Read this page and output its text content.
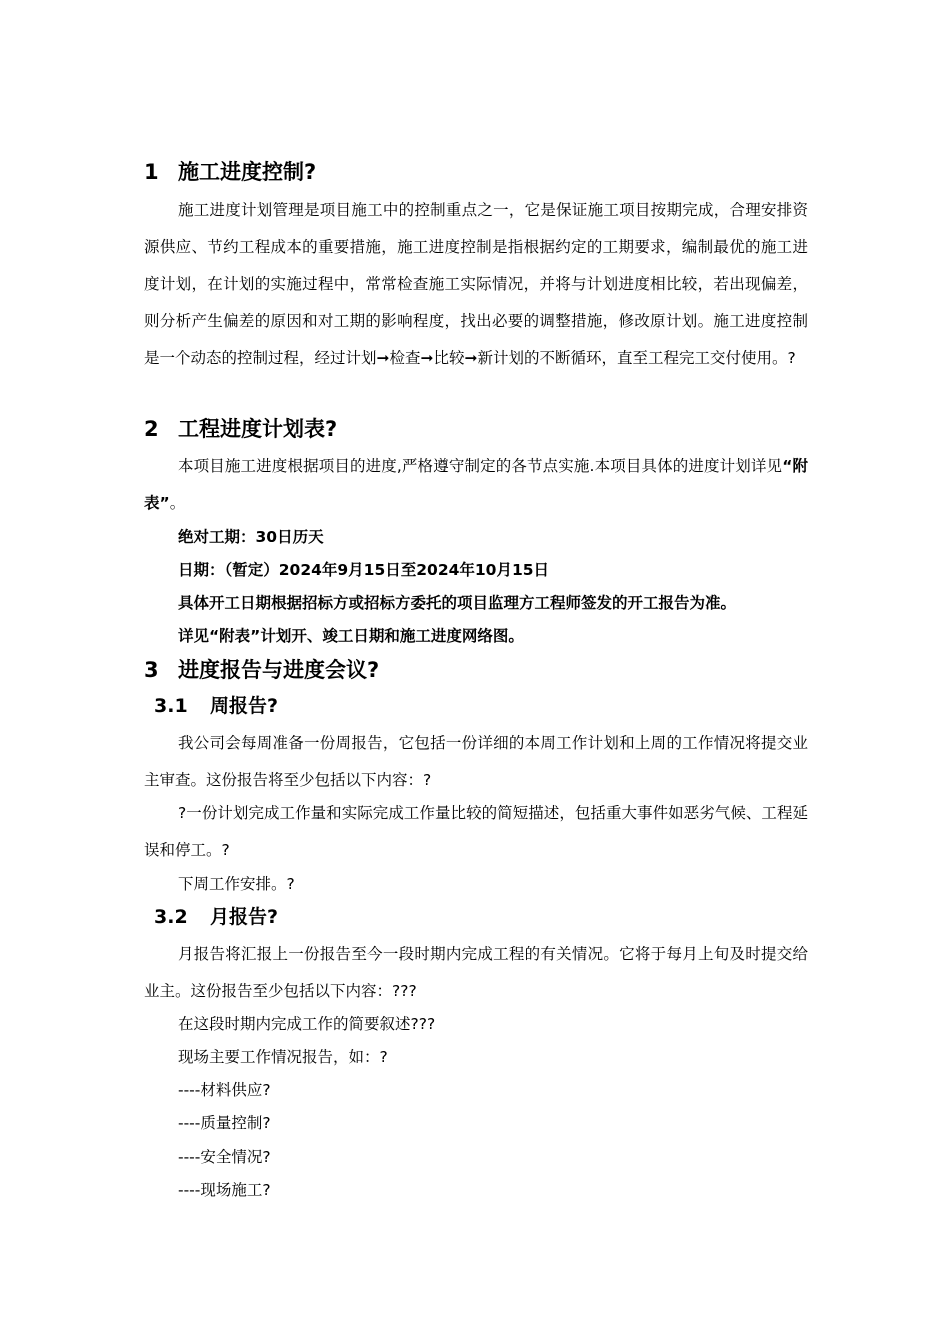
1 施工进度控制?

施工进度计划管理是项目施工中的控制重点之一，它是保证施工项目按期完成，合理安排资源供应、节约工程成本的重要措施，施工进度控制是指根据约定的工期要求，编制最优的施工进度计划，在计划的实施过程中，常常检查施工实际情况，并将与计划进度相比较，若出现偏差，则分析产生偏差的原因和对工期的影响程度，找出必要的调整措施，修改原计划。施工进度控制是一个动态的控制过程，经过计划➞检查➞比较➞新计划的不断循环，直至工程完工交付使用。?

2 工程进度计划表?

本项目施工进度根据项目的进度,严格遵守制定的各节点实施.本项目具体的进度计划详见“附表”。

绝对工期：30日历天
日期：（暂定）2024年9月15日至2024年10月15日
具体开工日期根据招标方或招标方委托的项目监理方工程师签发的开工报告为准。
详见“附表”计划开、竣工日期和施工进度网络图。
3 进度报告与进度会议?
3.1 周报告?

我公司会每周准备一份周报告，它包括一份详细的本周工作计划和上周的工作情况将提交业主审查。这份报告将至少包括以下内容：?

?一份计划完成工作量和实际完成工作量比较的简短描述，包括重大事件如恶劣气候、工程延误和停工。?

下周工作安排。?
3.2 月报告?

月报告将汇报上一份报告至今一段时期内完成工程的有关情况。它将于每月上旬及时提交给业主。这份报告至少包括以下内容：???

在这段时期内完成工作的简要叙述???
现场主要工作情况报告，如：?
----材料供应?
----质量控制?
----安全情况?
----现场施工?
